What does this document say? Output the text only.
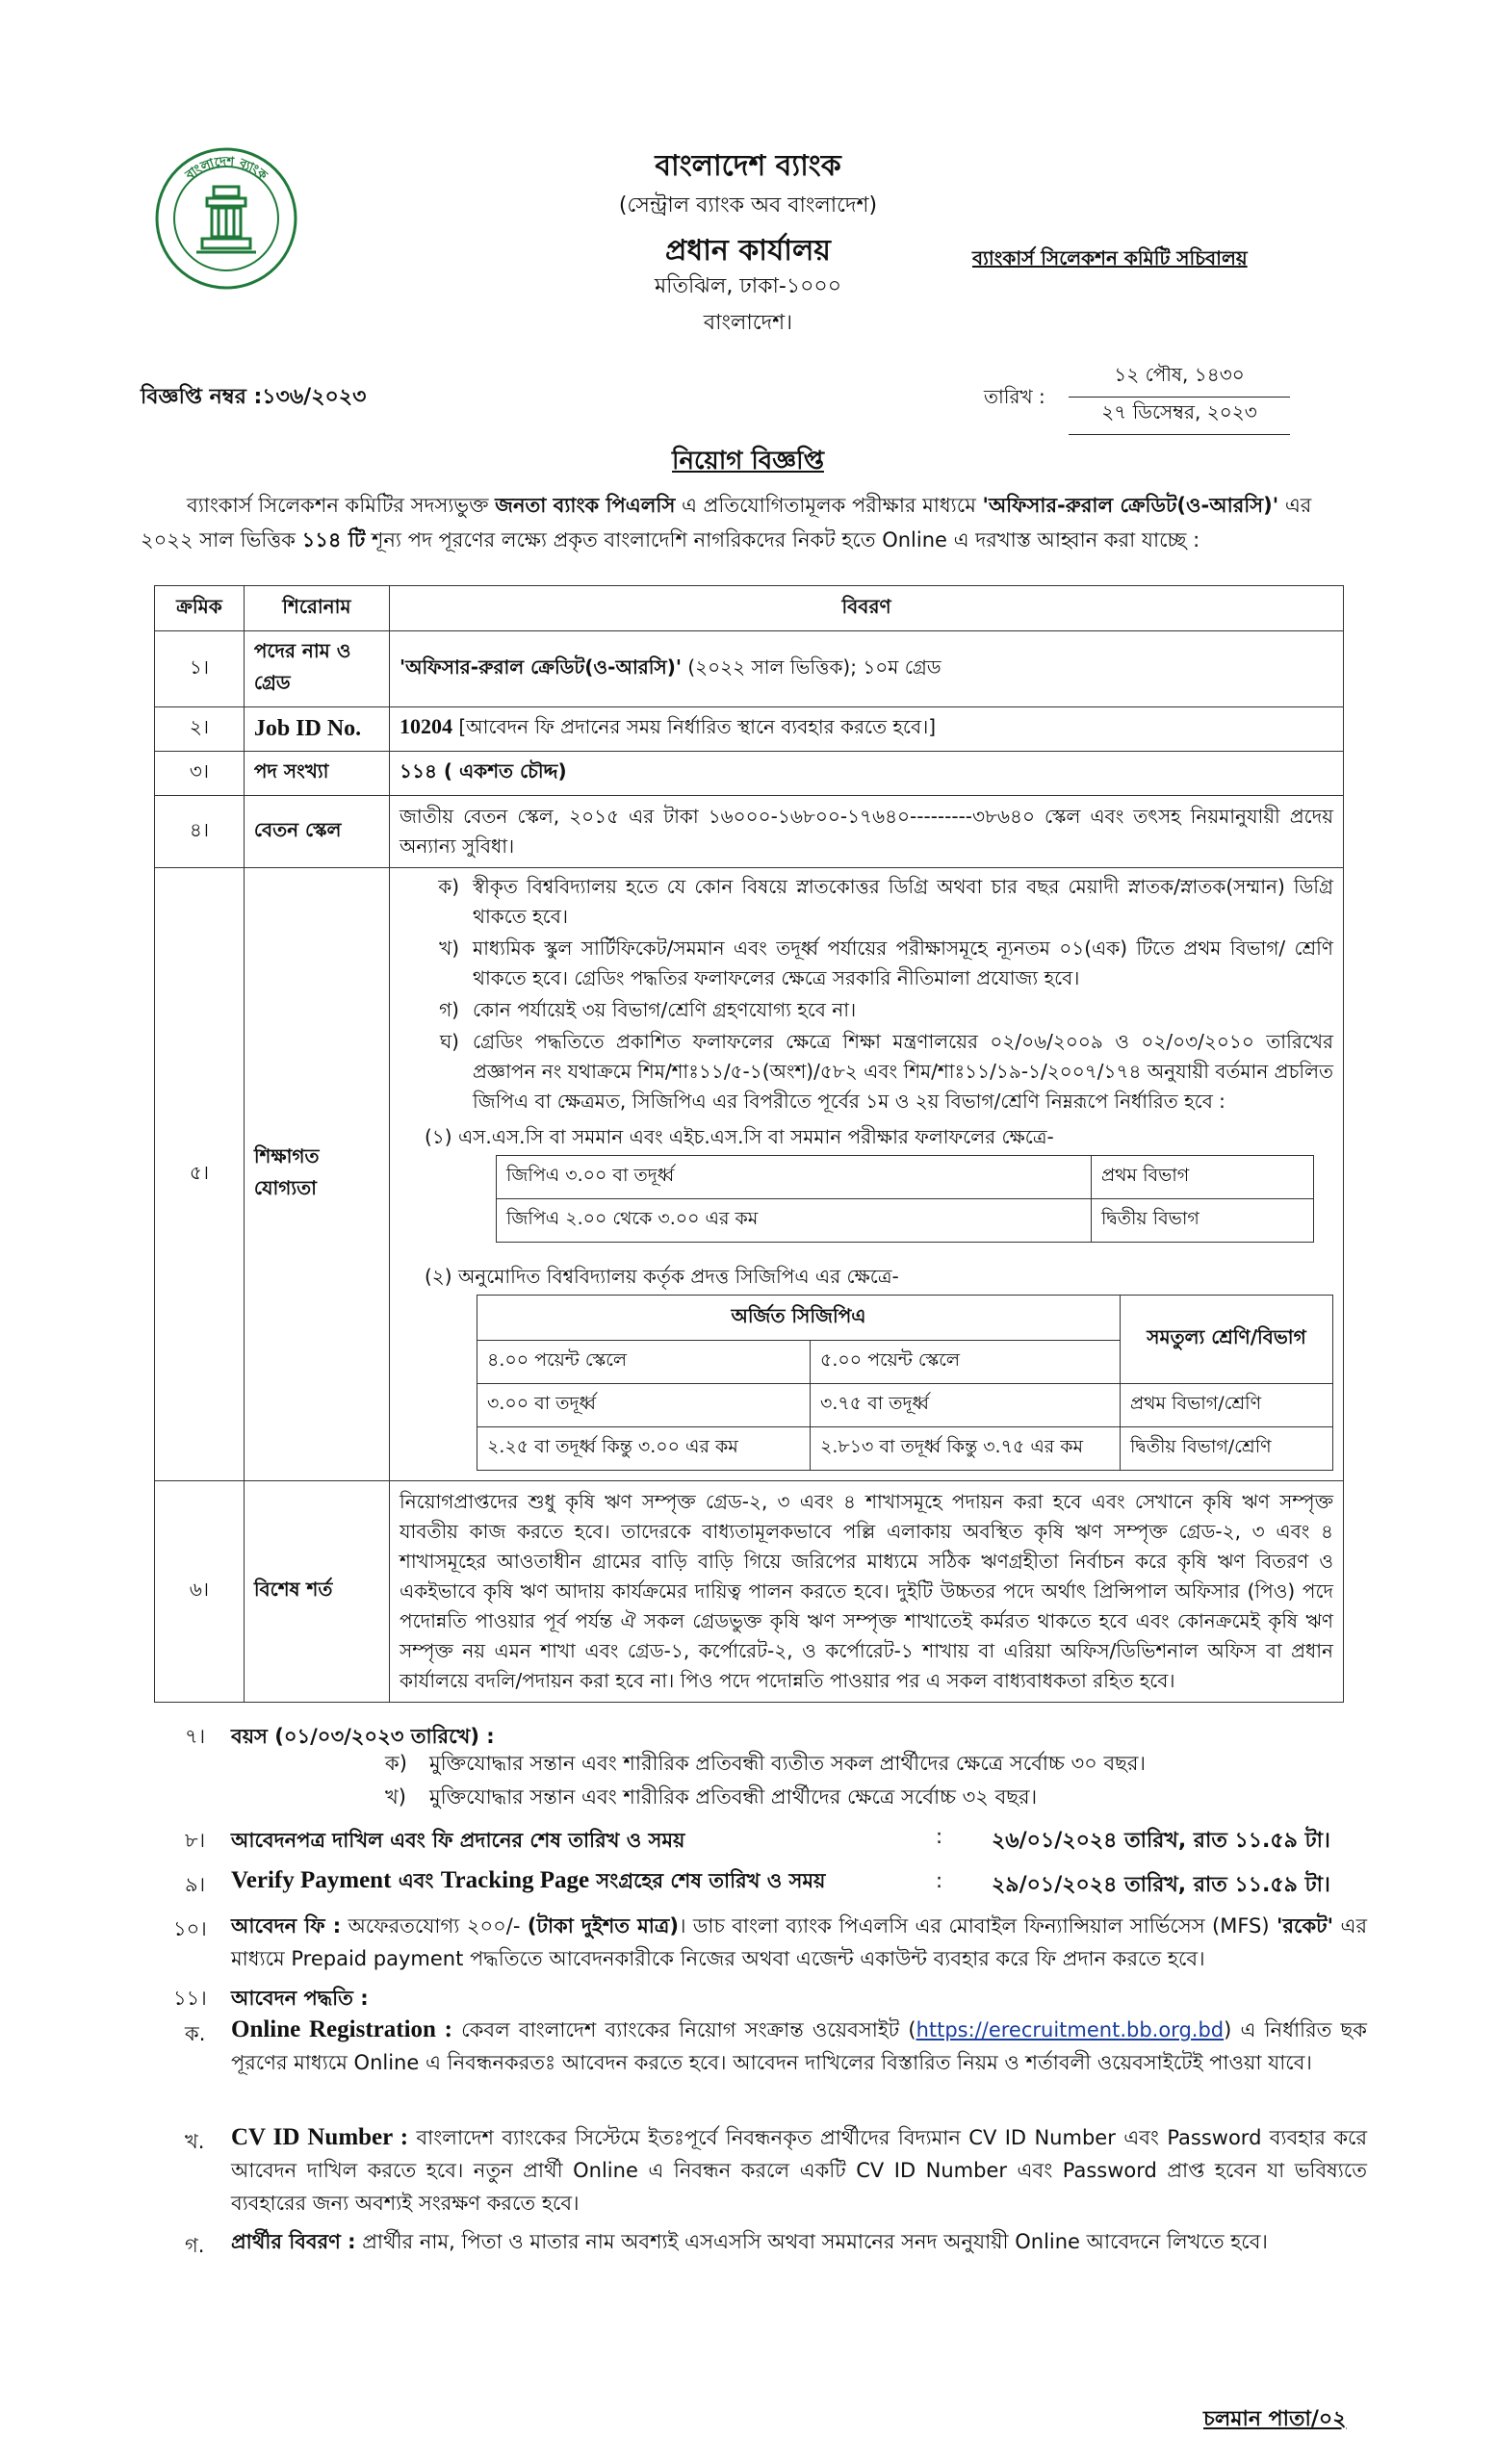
বাংলাদেশ ব্যাংক	বাংলাদেশ ব্যাংক
(সেন্ট্রাল ব্যাংক অব বাংলাদেশ)
প্রধান কার্যালয়
মতিঝিল, ঢাকা-১০০০
বাংলাদেশ।
ব্যাংকার্স সিলেকশন কমিটি সচিবালয়
বিজ্ঞপ্তি নম্বর :১৩৬/২০২৩	তারিখ :
১২ পৌষ, ১৪৩০
২৭ ডিসেম্বর, ২০২৩
নিয়োগ বিজ্ঞপ্তি
ব্যাংকার্স সিলেকশন কমিটির সদস্যভুক্ত জনতা ব্যাংক পিএলসি এ প্রতিযোগিতামূলক পরীক্ষার মাধ্যমে 'অফিসার-রুরাল ক্রেডিট(ও-আরসি)' এর ২০২২ সাল ভিত্তিক ১১৪ টি শূন্য পদ পূরণের লক্ষ্যে প্রকৃত বাংলাদেশি নাগরিকদের নিকট হতে Online এ দরখাস্ত আহ্বান করা যাচ্ছে :
ক্রমিক	শিরোনাম	বিবরণ
১।	পদের নাম ও গ্রেড	'অফিসার-রুরাল ক্রেডিট(ও-আরসি)' (২০২২ সাল ভিত্তিক); ১০ম গ্রেড
২।	Job ID No.	10204 [আবেদন ফি প্রদানের সময় নির্ধারিত স্থানে ব্যবহার করতে হবে।]
৩।	পদ সংখ্যা	১১৪ ( একশত চৌদ্দ)
৪।	বেতন স্কেল	জাতীয় বেতন স্কেল, ২০১৫ এর টাকা ১৬০০০-১৬৮০০-১৭৬৪০---------৩৮৬৪০ স্কেল এবং তৎসহ নিয়মানুযায়ী প্রদেয় অন্যান্য সুবিধা।
৫।	শিক্ষাগত যোগ্যতা	
ক) স্বীকৃত বিশ্ববিদ্যালয় হতে যে কোন বিষয়ে স্নাতকোত্তর ডিগ্রি অথবা চার বছর মেয়াদী স্নাতক/স্নাতক(সম্মান) ডিগ্রি থাকতে হবে।
খ) মাধ্যমিক স্কুল সার্টিফিকেট/সমমান এবং তদূর্ধ্ব পর্যায়ের পরীক্ষাসমূহে ন্যূনতম ০১(এক) টিতে প্রথম বিভাগ/ শ্রেণি থাকতে হবে। গ্রেডিং পদ্ধতির ফলাফলের ক্ষেত্রে সরকারি নীতিমালা প্রযোজ্য হবে।
গ) কোন পর্যায়েই ৩য় বিভাগ/শ্রেণি গ্রহণযোগ্য হবে না।
ঘ) গ্রেডিং পদ্ধতিতে প্রকাশিত ফলাফলের ক্ষেত্রে শিক্ষা মন্ত্রণালয়ের ০২/০৬/২০০৯ ও ০২/০৩/২০১০ তারিখের প্রজ্ঞাপন নং যথাক্রমে শিম/শাঃ১১/৫-১(অংশ)/৫৮২ এবং শিম/শাঃ১১/১৯-১/২০০৭/১৭৪ অনুযায়ী বর্তমান প্রচলিত জিপিএ বা ক্ষেত্রমত, সিজিপিএ এর বিপরীতে পূর্বের ১ম ও ২য় বিভাগ/শ্রেণি নিম্নরূপে নির্ধারিত হবে :
(১) এস.এস.সি বা সমমান এবং এইচ.এস.সি বা সমমান পরীক্ষার ফলাফলের ক্ষেত্রে-
জিপিএ ৩.০০ বা তদূর্ধ্ব	প্রথম বিভাগ
জিপিএ ২.০০ থেকে ৩.০০ এর কম	দ্বিতীয় বিভাগ
(২) অনুমোদিত বিশ্ববিদ্যালয় কর্তৃক প্রদত্ত সিজিপিএ এর ক্ষেত্রে-
অর্জিত সিজিপিএ	সমতুল্য শ্রেণি/বিভাগ
৪.০০ পয়েন্ট স্কেলে	৫.০০ পয়েন্ট স্কেলে
৩.০০ বা তদূর্ধ্ব	৩.৭৫ বা তদূর্ধ্ব	প্রথম বিভাগ/শ্রেণি
২.২৫ বা তদূর্ধ্ব কিন্তু ৩.০০ এর কম	২.৮১৩ বা তদূর্ধ্ব কিন্তু ৩.৭৫ এর কম	দ্বিতীয় বিভাগ/শ্রেণি

৬।	বিশেষ শর্ত	নিয়োগপ্রাপ্তদের শুধু কৃষি ঋণ সম্পৃক্ত গ্রেড-২, ৩ এবং ৪ শাখাসমূহে পদায়ন করা হবে এবং সেখানে কৃষি ঋণ সম্পৃক্ত যাবতীয় কাজ করতে হবে। তাদেরকে বাধ্যতামূলকভাবে পল্লি এলাকায় অবস্থিত কৃষি ঋণ সম্পৃক্ত গ্রেড-২, ৩ এবং ৪ শাখাসমূহের আওতাধীন গ্রামের বাড়ি বাড়ি গিয়ে জরিপের মাধ্যমে সঠিক ঋণগ্রহীতা নির্বাচন করে কৃষি ঋণ বিতরণ ও একইভাবে কৃষি ঋণ আদায় কার্যক্রমের দায়িত্ব পালন করতে হবে। দুইটি উচ্চতর পদে অর্থাৎ প্রিন্সিপাল অফিসার (পিও) পদে পদোন্নতি পাওয়ার পূর্ব পর্যন্ত ঐ সকল গ্রেডভুক্ত কৃষি ঋণ সম্পৃক্ত শাখাতেই কর্মরত থাকতে হবে এবং কোনক্রমেই কৃষি ঋণ সম্পৃক্ত নয় এমন শাখা এবং গ্রেড-১, কর্পোরেট-২, ও কর্পোরেট-১ শাখায় বা এরিয়া অফিস/ডিভিশনাল অফিস বা প্রধান কার্যালয়ে বদলি/পদায়ন করা হবে না। পিও পদে পদোন্নতি পাওয়ার পর এ সকল বাধ্যবাধকতা রহিত হবে।
৭। বয়স (০১/০৩/২০২৩ তারিখে) :
ক) মুক্তিযোদ্ধার সন্তান এবং শারীরিক প্রতিবন্ধী ব্যতীত সকল প্রার্থীদের ক্ষেত্রে সর্বোচ্চ ৩০ বছর।
খ) মুক্তিযোদ্ধার সন্তান এবং শারীরিক প্রতিবন্ধী প্রার্থীদের ক্ষেত্রে সর্বোচ্চ ৩২ বছর।
৮। আবেদনপত্র দাখিল এবং ফি প্রদানের শেষ তারিখ ও সময়	: ২৬/০১/২০২৪ তারিখ, রাত ১১.৫৯ টা।
৯। Verify Payment এবং Tracking Page সংগ্রহের শেষ তারিখ ও সময়	: ২৯/০১/২০২৪ তারিখ, রাত ১১.৫৯ টা।
১০। আবেদন ফি : অফেরতযোগ্য ২০০/- (টাকা দুইশত মাত্র)। ডাচ বাংলা ব্যাংক পিএলসি এর মোবাইল ফিন্যান্সিয়াল সার্ভিসেস (MFS) 'রকেট' এর মাধ্যমে Prepaid payment পদ্ধতিতে আবেদনকারীকে নিজের অথবা এজেন্ট একাউন্ট ব্যবহার করে ফি প্রদান করতে হবে।
১১। আবেদন পদ্ধতি :
ক. Online Registration : কেবল বাংলাদেশ ব্যাংকের নিয়োগ সংক্রান্ত ওয়েবসাইট (https://erecruitment.bb.org.bd) এ নির্ধারিত ছক পূরণের মাধ্যমে Online এ নিবন্ধনকরতঃ আবেদন করতে হবে। আবেদন দাখিলের বিস্তারিত নিয়ম ও শর্তাবলী ওয়েবসাইটেই পাওয়া যাবে।
খ. CV ID Number : বাংলাদেশ ব্যাংকের সিস্টেমে ইতঃপূর্বে নিবন্ধনকৃত প্রার্থীদের বিদ্যমান CV ID Number এবং Password ব্যবহার করে আবেদন দাখিল করতে হবে। নতুন প্রার্থী Online এ নিবন্ধন করলে একটি CV ID Number এবং Password প্রাপ্ত হবেন যা ভবিষ্যতে ব্যবহারের জন্য অবশ্যই সংরক্ষণ করতে হবে।
গ. প্রার্থীর বিবরণ : প্রার্থীর নাম, পিতা ও মাতার নাম অবশ্যই এসএসসি অথবা সমমানের সনদ অনুযায়ী Online আবেদনে লিখতে হবে।
চলমান পাতা/০২
